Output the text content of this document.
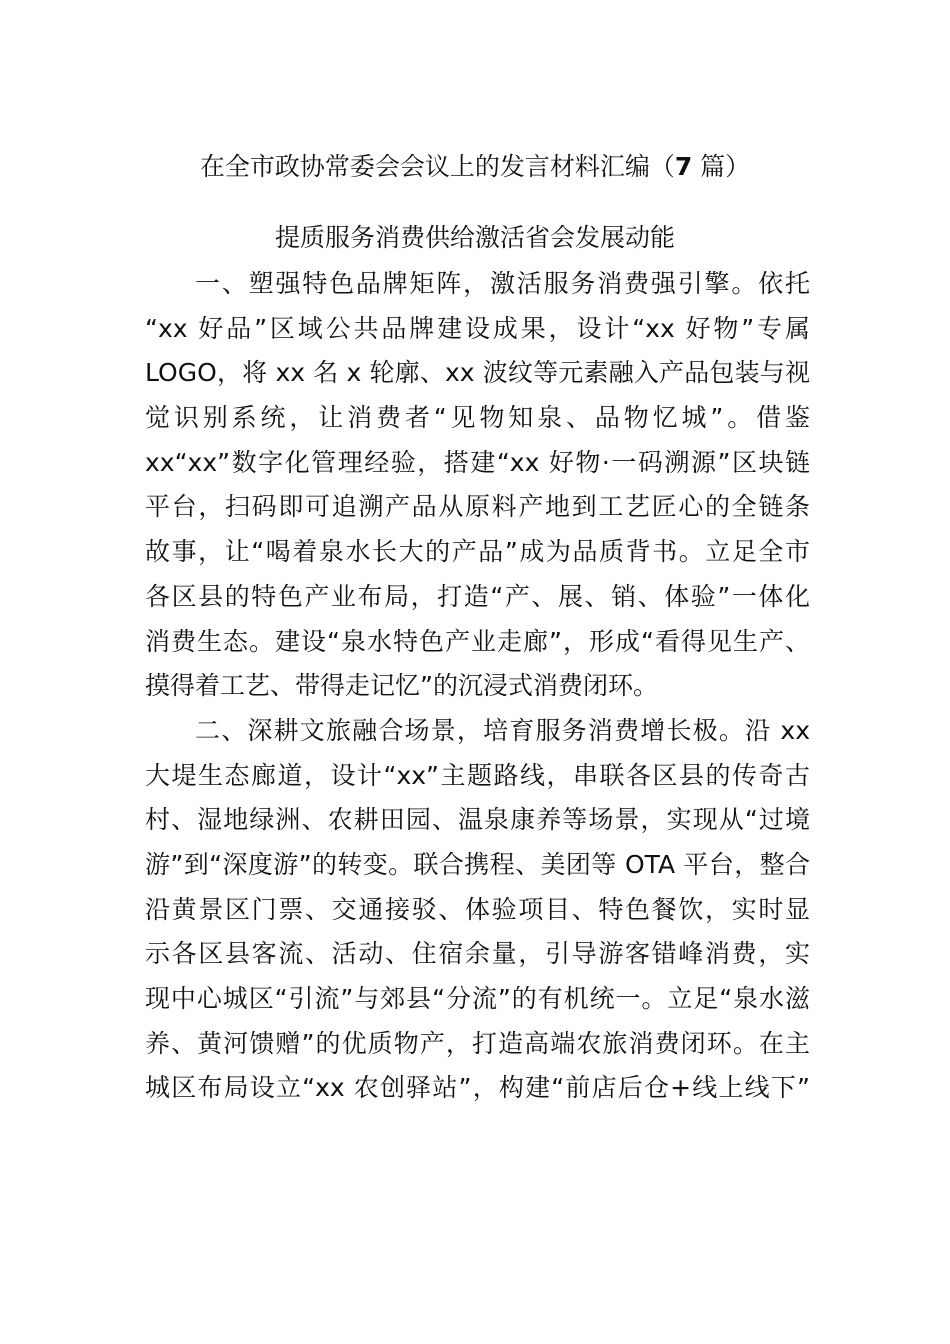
在全市政协常委会会议上的发言材料汇编（7 篇）
提质服务消费供给激活省会发展动能
一、塑强特色品牌矩阵，激活服务消费强引擎。依托
“xx 好品”区域公共品牌建设成果，设计“xx 好物”专属
LOGO，将 xx 名 x 轮廓、xx 波纹等元素融入产品包装与视
觉识别系统，让消费者“见物知泉、品物忆城”。借鉴
xx“xx”数字化管理经验，搭建“xx 好物·一码溯源”区块链
平台，扫码即可追溯产品从原料产地到工艺匠心的全链条
故事，让“喝着泉水长大的产品”成为品质背书。立足全市
各区县的特色产业布局，打造“产、展、销、体验”一体化
消费生态。建设“泉水特色产业走廊”，形成“看得见生产、
摸得着工艺、带得走记忆”的沉浸式消费闭环。
二、深耕文旅融合场景，培育服务消费增长极。沿 xx
大堤生态廊道，设计“xx”主题路线，串联各区县的传奇古
村、湿地绿洲、农耕田园、温泉康养等场景，实现从“过境
游”到“深度游”的转变。联合携程、美团等 OTA 平台，整合
沿黄景区门票、交通接驳、体验项目、特色餐饮，实时显
示各区县客流、活动、住宿余量，引导游客错峰消费，实
现中心城区“引流”与郊县“分流”的有机统一。立足“泉水滋
养、黄河馈赠”的优质物产，打造高端农旅消费闭环。在主
城区布局设立“xx 农创驿站”，构建“前店后仓+线上线下”
